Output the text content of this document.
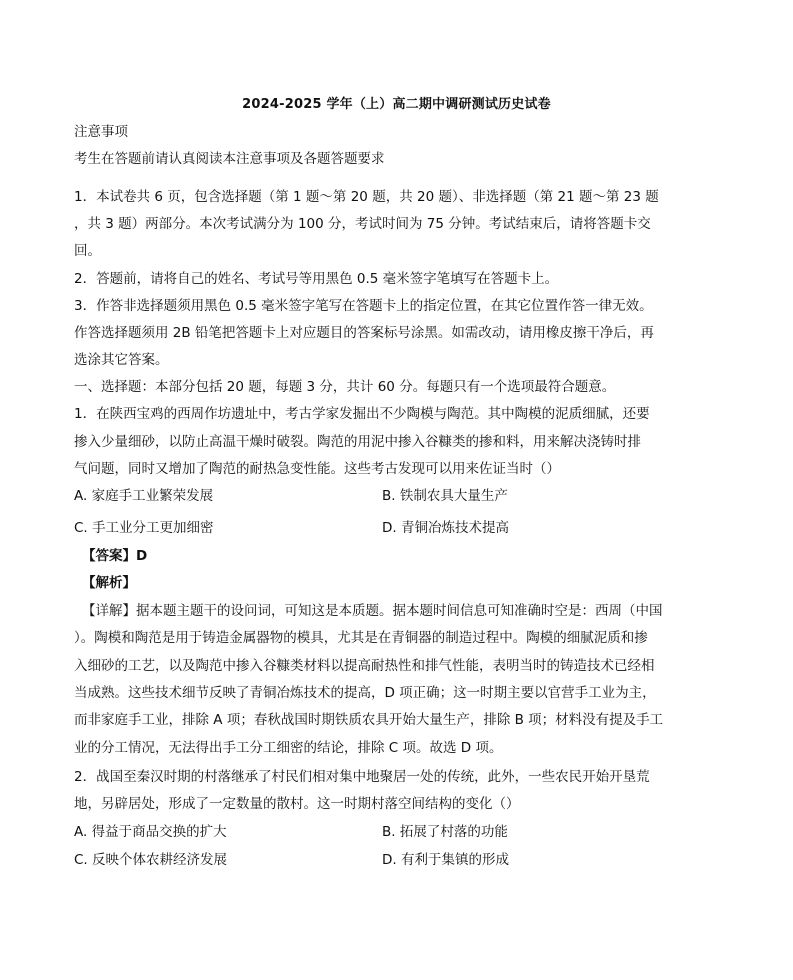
2024-2025 学年（上）高二期中调研测试历史试卷
注意事项
考生在答题前请认真阅读本注意事项及各题答题要求
1．本试卷共 6 页，包含选择题（第 1 题～第 20 题，共 20 题）、非选择题（第 21 题～第 23 题
，共 3 题）两部分。本次考试满分为 100 分，考试时间为 75 分钟。考试结束后，请将答题卡交
回。
2．答题前，请将自己的姓名、考试号等用黑色 0.5 毫米签字笔填写在答题卡上。
3．作答非选择题须用黑色 0.5 毫米签字笔写在答题卡上的指定位置，在其它位置作答一律无效。
作答选择题须用 2B 铅笔把答题卡上对应题目的答案标号涂黑。如需改动，请用橡皮擦干净后，再
选涂其它答案。
一、选择题：本部分包括 20 题，每题 3 分，共计 60 分。每题只有一个选项最符合题意。
1．在陕西宝鸡的西周作坊遗址中，考古学家发掘出不少陶模与陶范。其中陶模的泥质细腻，还要
掺入少量细砂，以防止高温干燥时破裂。陶范的用泥中掺入谷糠类的掺和料，用来解决浇铸时排
气问题，同时又增加了陶范的耐热急变性能。这些考古发现可以用来佐证当时（）
A. 家庭手工业繁荣发展	B. 铁制农具大量生产
C. 手工业分工更加细密	D. 青铜冶炼技术提高
【答案】D
【解析】
【详解】据本题主题干的设问词，可知这是本质题。据本题时间信息可知准确时空是：西周（中国
）。陶模和陶范是用于铸造金属器物的模具，尤其是在青铜器的制造过程中。陶模的细腻泥质和掺
入细砂的工艺，以及陶范中掺入谷糠类材料以提高耐热性和排气性能，表明当时的铸造技术已经相
当成熟。这些技术细节反映了青铜冶炼技术的提高，D 项正确；这一时期主要以官营手工业为主，
而非家庭手工业，排除 A 项；春秋战国时期铁质农具开始大量生产，排除 B 项；材料没有提及手工
业的分工情况，无法得出手工分工细密的结论，排除 C 项。故选 D 项。
2．战国至秦汉时期的村落继承了村民们相对集中地聚居一处的传统，此外，一些农民开始开垦荒
地，另辟居处，形成了一定数量的散村。这一时期村落空间结构的变化（）
A. 得益于商品交换的扩大	B. 拓展了村落的功能
C. 反映个体农耕经济发展	D. 有利于集镇的形成
